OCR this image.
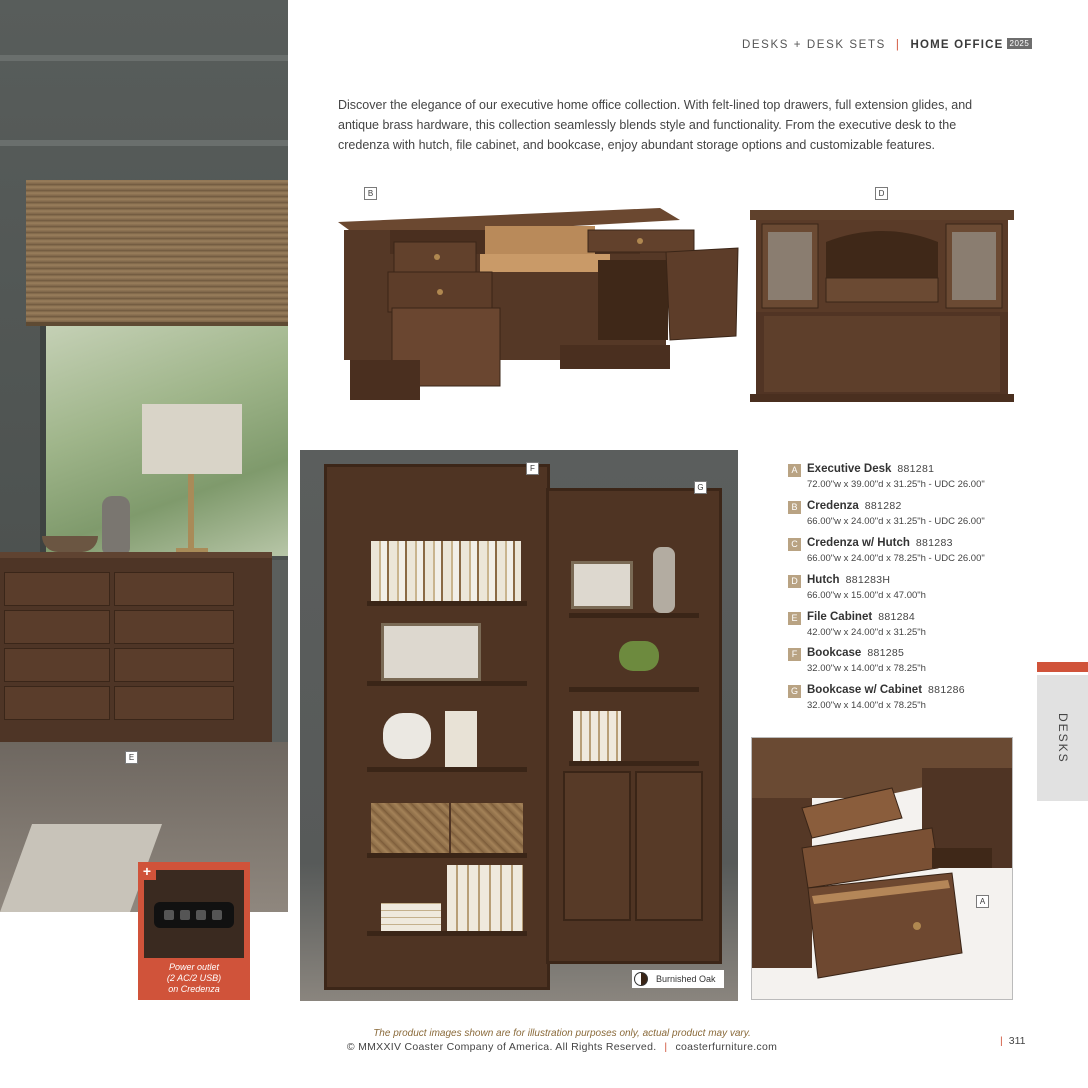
E
+
Power outlet
(2 AC/2 USB)
on Credenza
DESKS + DESK SETS | HOME OFFICE 2025
Discover the elegance of our executive home office collection. With felt-lined top drawers, full extension glides, and antique brass hardware, this collection seamlessly blends style and functionality. From the executive desk to the credenza with hutch, file cabinet, and bookcase, enjoy abundant storage options and customizable features.
B	D
F
G
Burnished Oak
A Executive Desk 881281
72.00"w x 39.00"d x 31.25"h - UDC 26.00"
B Credenza 881282
66.00"w x 24.00"d x 31.25"h - UDC 26.00"
C Credenza w/ Hutch 881283
66.00"w x 24.00"d x 78.25"h - UDC 26.00"
D Hutch 881283H
66.00"w x 15.00"d x 47.00"h
E File Cabinet 881284
42.00"w x 24.00"d x 31.25"h
F Bookcase 881285
32.00"w x 14.00"d x 78.25"h
G Bookcase w/ Cabinet 881286
32.00"w x 14.00"d x 78.25"h
A
DESKS
The product images shown are for illustration purposes only, actual product may vary.
© MMXXIV Coaster Company of America. All Rights Reserved. | coasterfurniture.com	| 311
